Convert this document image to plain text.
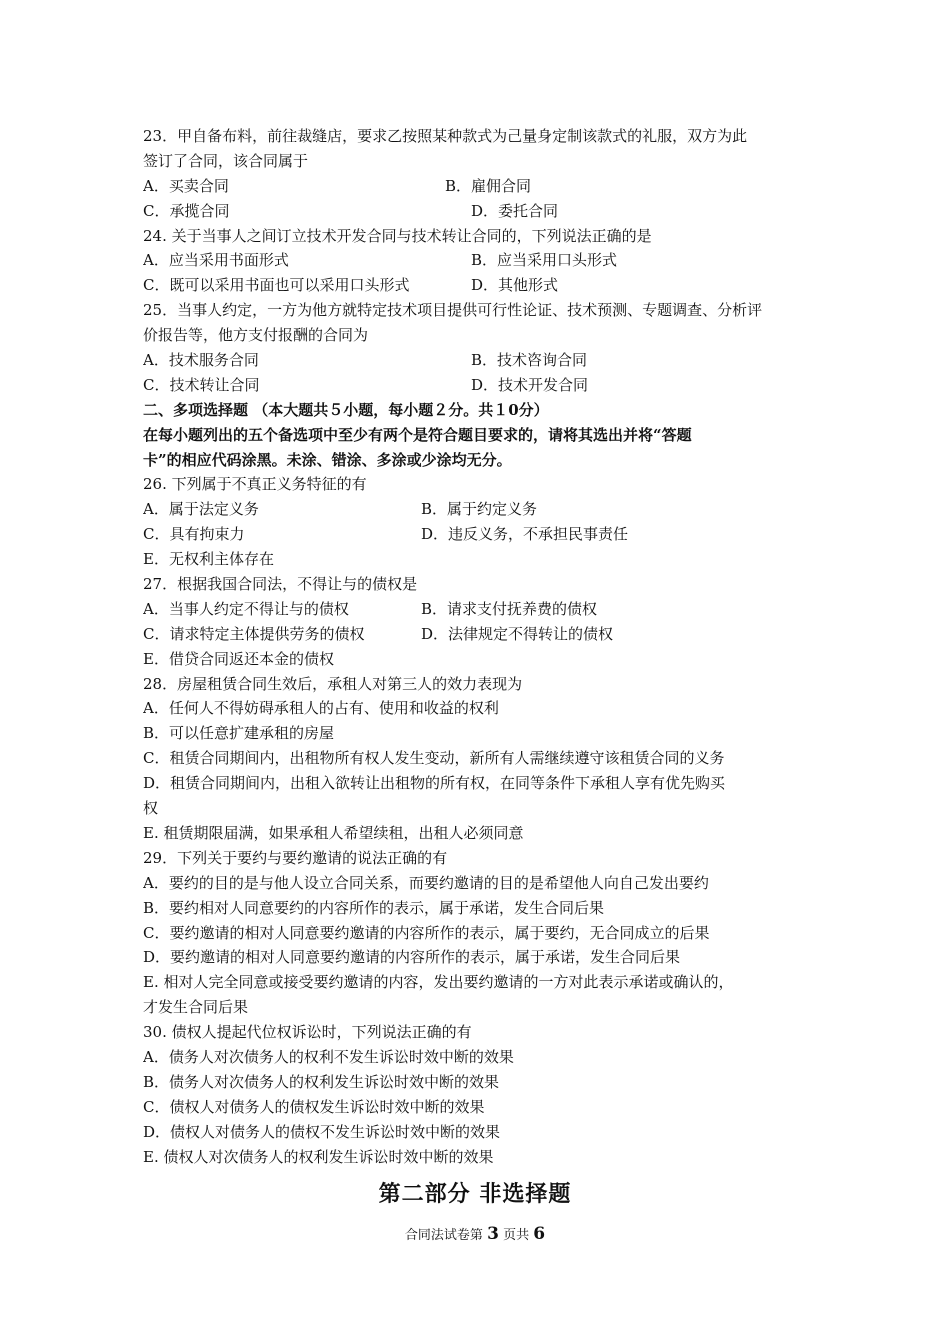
23．甲自备布料，前往裁缝店，要求乙按照某种款式为己量身定制该款式的礼服，双方为此
签订了合同，该合同属于
A．买卖合同	B．雇佣合同
C．承揽合同	D．委托合同
24. 关于当事人之间订立技术开发合同与技术转让合同的，下列说法正确的是
A．应当采用书面形式	B．应当采用口头形式
C．既可以采用书面也可以采用口头形式	D．其他形式
25．当事人约定，一方为他方就特定技术项目提供可行性论证、技术预测、专题调查、分析评
价报告等，他方支付报酬的合同为
A．技术服务合同	B．技术咨询合同
C．技术转让合同	D．技术开发合同
二、多项选择题 （本大题共５小题，每小题２分。共１0分）
在每小题列出的五个备选项中至少有两个是符合题目要求的，请将其选出并将“答题
卡”的相应代码涂黑。未涂、错涂、多涂或少涂均无分。
26. 下列属于不真正义务特征的有
A．属于法定义务	B．属于约定义务
C．具有拘束力	D．违反义务，不承担民事责任
E．无权利主体存在
27．根据我国合同法，不得让与的债权是
A．当事人约定不得让与的债权	B．请求支付抚养费的债权
C．请求特定主体提供劳务的债权	D．法律规定不得转让的债权
E．借贷合同返还本金的债权
28．房屋租赁合同生效后，承租人对第三人的效力表现为
A．任何人不得妨碍承租人的占有、使用和收益的权利
B．可以任意扩建承租的房屋
C．租赁合同期间内，出租物所有权人发生变动，新所有人需继续遵守该租赁合同的义务
D．租赁合同期间内，出租入欲转让出租物的所有权，在同等条件下承租人享有优先购买
权
E. 租赁期限届满，如果承租人希望续租，出租人必须同意
29．下列关于要约与要约邀请的说法正确的有
A．要约的目的是与他人设立合同关系，而要约邀请的目的是希望他人向自己发出要约
B．要约相对人同意要约的内容所作的表示，属于承诺，发生合同后果
C．要约邀请的相对人同意要约邀请的内容所作的表示，属于要约，无合同成立的后果
D．要约邀请的相对人同意要约邀请的内容所作的表示，属于承诺，发生合同后果
E. 相对人完全同意或接受要约邀请的内容，发出要约邀请的一方对此表示承诺或确认的，
才发生合同后果
30. 债权人提起代位权诉讼时，下列说法正确的有
A．债务人对次债务人的权利不发生诉讼时效中断的效果
B．债务人对次债务人的权利发生诉讼时效中断的效果
C．债权人对债务人的债权发生诉讼时效中断的效果
D．债权人对债务人的债权不发生诉讼时效中断的效果
E. 债权人对次债务人的权利发生诉讼时效中断的效果
第二部分 非选择题
合同法试卷第 3 页共 6
